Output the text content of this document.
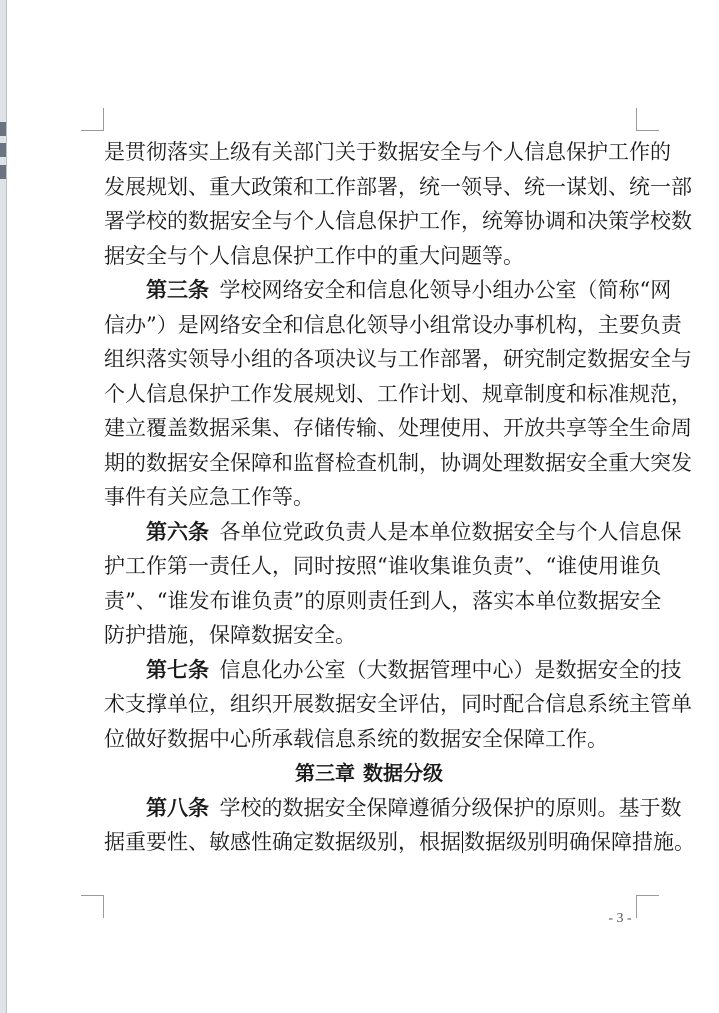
是贯彻落实上级有关部门关于数据安全与个人信息保护工作的
发展规划、重大政策和工作部署，统一领导、统一谋划、统一部
署学校的数据安全与个人信息保护工作，统筹协调和决策学校数
据安全与个人信息保护工作中的重大问题等。
第三条  学校网络安全和信息化领导小组办公室（简称“网
信办”）是网络安全和信息化领导小组常设办事机构，主要负责
组织落实领导小组的各项决议与工作部署，研究制定数据安全与
个人信息保护工作发展规划、工作计划、规章制度和标准规范，
建立覆盖数据采集、存储传输、处理使用、开放共享等全生命周
期的数据安全保障和监督检查机制，协调处理数据安全重大突发
事件有关应急工作等。
第六条  各单位党政负责人是本单位数据安全与个人信息保
护工作第一责任人，同时按照“谁收集谁负责”、“谁使用谁负
责”、“谁发布谁负责”的原则责任到人，落实本单位数据安全
防护措施，保障数据安全。
第七条  信息化办公室（大数据管理中心）是数据安全的技
术支撑单位，组织开展数据安全评估，同时配合信息系统主管单
位做好数据中心所承载信息系统的数据安全保障工作。
第三章 数据分级
第八条  学校的数据安全保障遵循分级保护的原则。基于数
据重要性、敏感性确定数据级别，根据 数据级别明确保障措施。
- 3 -
